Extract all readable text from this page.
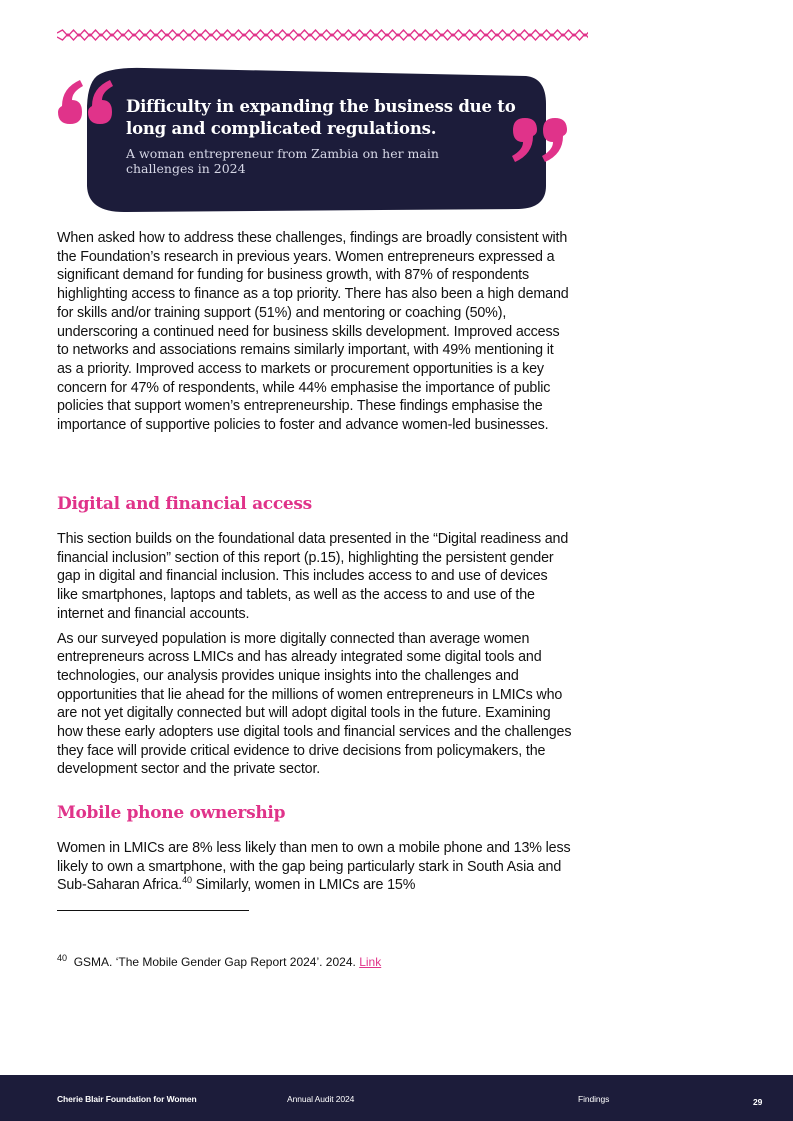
Difficulty in expanding the business due to long and complicated regulations.
A woman entrepreneur from Zambia on her main challenges in 2024

When asked how to address these challenges, findings are broadly consistent with the Foundation’s research in previous years. Women entrepreneurs expressed a significant demand for funding for business growth, with 87% of respondents highlighting access to finance as a top priority. There has also been a high demand for skills and/or training support (51%) and mentoring or coaching (50%), underscoring a continued need for business skills development. Improved access to networks and associations remains similarly important, with 49% mentioning it as a priority. Improved access to markets or procurement opportunities is a key concern for 47% of respondents, while 44% emphasise the importance of public policies that support women’s entrepreneurship. These findings emphasise the importance of supportive policies to foster and advance women-led businesses.

Digital and financial access

This section builds on the foundational data presented in the “Digital readiness and financial inclusion” section of this report (p.15), highlighting the persistent gender gap in digital and financial inclusion. This includes access to and use of devices like smartphones, laptops and tablets, as well as the access to and use of the internet and financial accounts.

As our surveyed population is more digitally connected than average women entrepreneurs across LMICs and has already integrated some digital tools and technologies, our analysis provides unique insights into the challenges and opportunities that lie ahead for the millions of women entrepreneurs in LMICs who are not yet digitally connected but will adopt digital tools in the future. Examining how these early adopters use digital tools and financial services and the challenges they face will provide critical evidence to drive decisions from policymakers, the development sector and the private sector.

Mobile phone ownership

Women in LMICs are 8% less likely than men to own a mobile phone and 13% less likely to own a smartphone, with the gap being particularly stark in South Asia and Sub-Saharan Africa.$^{40}$ Similarly, women in LMICs are 15%

$^{40}$ GSMA. ‘The Mobile Gender Gap Report 2024’. 2024. Link
Cherie Blair Foundation for Women	Annual Audit 2024	Findings	29
